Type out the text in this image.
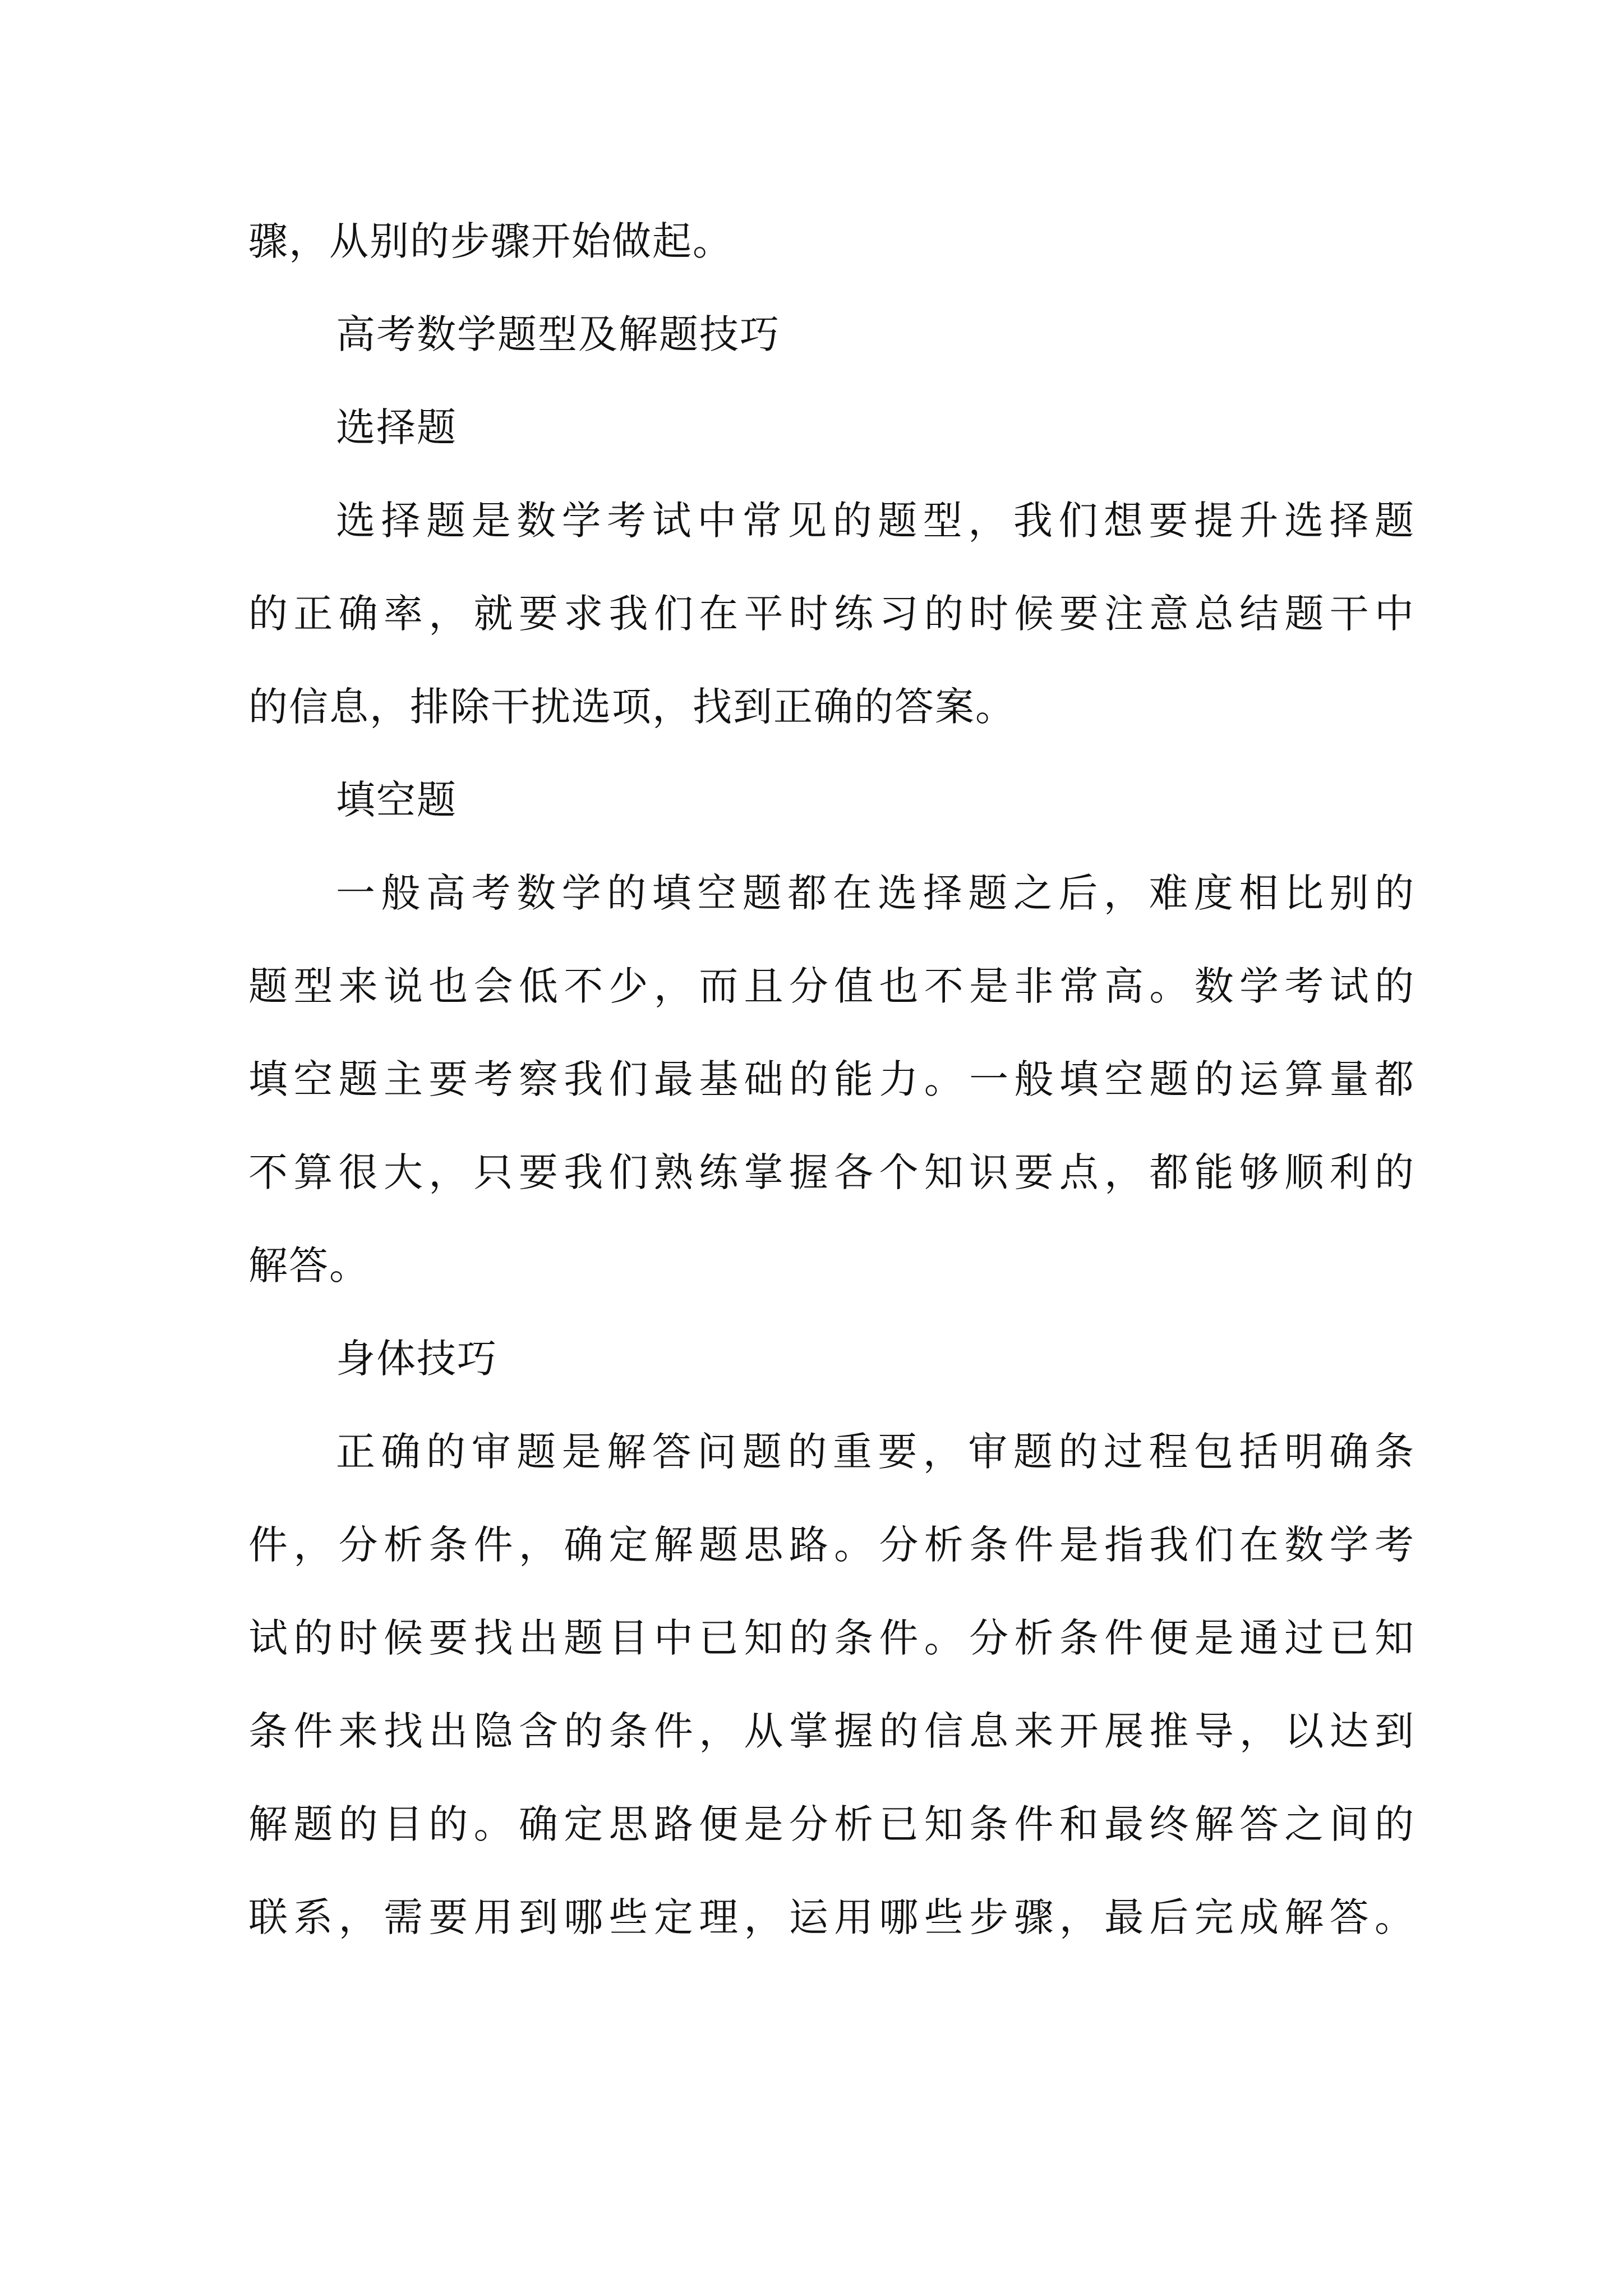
骤，从别的步骤开始做起。

高考数学题型及解题技巧

选择题

选择题是数学考试中常见的题型，我们想要提升选择题

的正确率，就要求我们在平时练习的时候要注意总结题干中

的信息，排除干扰选项，找到正确的答案。

填空题

一般高考数学的填空题都在选择题之后，难度相比别的

题型来说也会低不少，而且分值也不是非常高。数学考试的

填空题主要考察我们最基础的能力。一般填空题的运算量都

不算很大，只要我们熟练掌握各个知识要点，都能够顺利的

解答。

身体技巧

正确的审题是解答问题的重要，审题的过程包括明确条

件，分析条件，确定解题思路。分析条件是指我们在数学考

试的时候要找出题目中已知的条件。分析条件便是通过已知

条件来找出隐含的条件，从掌握的信息来开展推导，以达到

解题的目的。确定思路便是分析已知条件和最终解答之间的

联系，需要用到哪些定理，运用哪些步骤，最后完成解答。
